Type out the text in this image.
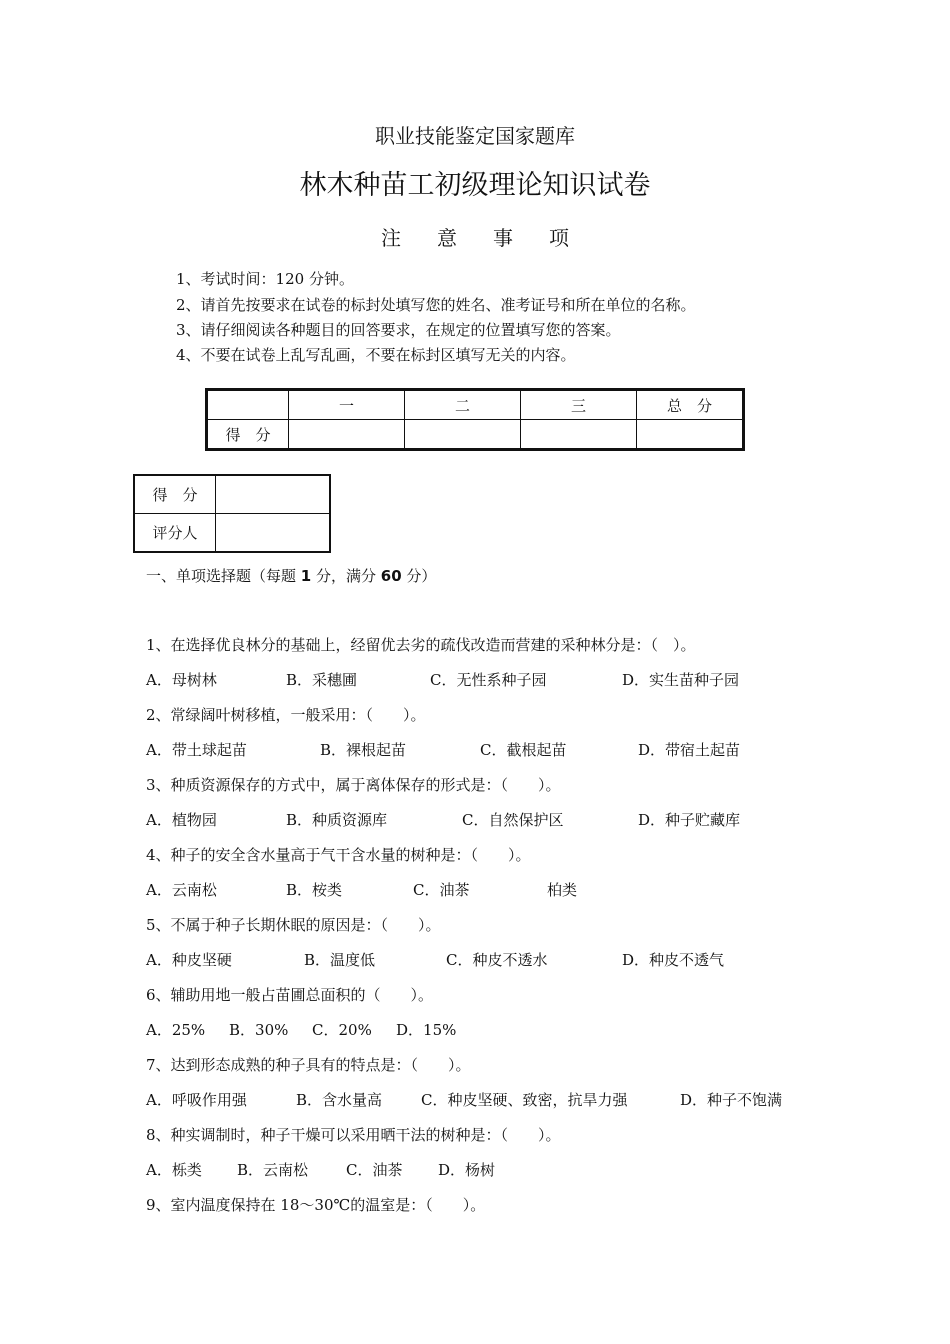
职业技能鉴定国家题库
林木种苗工初级理论知识试卷
注意事项
1、考试时间：120 分钟。
2、请首先按要求在试卷的标封处填写您的姓名、准考证号和所在单位的名称。
3、请仔细阅读各种题目的回答要求，在规定的位置填写您的答案。
4、不要在试卷上乱写乱画，不要在标封区填写无关的内容。
	一	二	三	总　分
得　分				
得　分	
评分人	
一、单项选择题（每题 1 分，满分 60 分）
1、在选择优良林分的基础上，经留优去劣的疏伐改造而营建的采种林分是：（　）。
A．母树林	B．采穗圃	C．无性系种子园	D．实生苗种子园
2、常绿阔叶树移植，一般采用：（　　）。
A．带土球起苗	B．裸根起苗	C．截根起苗	D．带宿土起苗
3、种质资源保存的方式中，属于离体保存的形式是：（　　）。
A．植物园	B．种质资源库	C．自然保护区	D．种子贮藏库
4、种子的安全含水量高于气干含水量的树种是：（　　）。
A．云南松	B．桉类	C．油茶	柏类
5、不属于种子长期休眠的原因是：（　　）。
A．种皮坚硬	B．温度低	C．种皮不透水	D．种皮不透气
6、辅助用地一般占苗圃总面积的（　　）。
A．25% B．30% C．20% D．15%
7、达到形态成熟的种子具有的特点是：（　　）。
A．呼吸作用强	B．含水量高	C．种皮坚硬、致密，抗旱力强	D．种子不饱满
8、种实调制时，种子干燥可以采用晒干法的树种是：（　　）。
A．栎类 B．云南松	C．油茶 D．杨树
9、室内温度保持在 18～30℃的温室是：（　　）。
